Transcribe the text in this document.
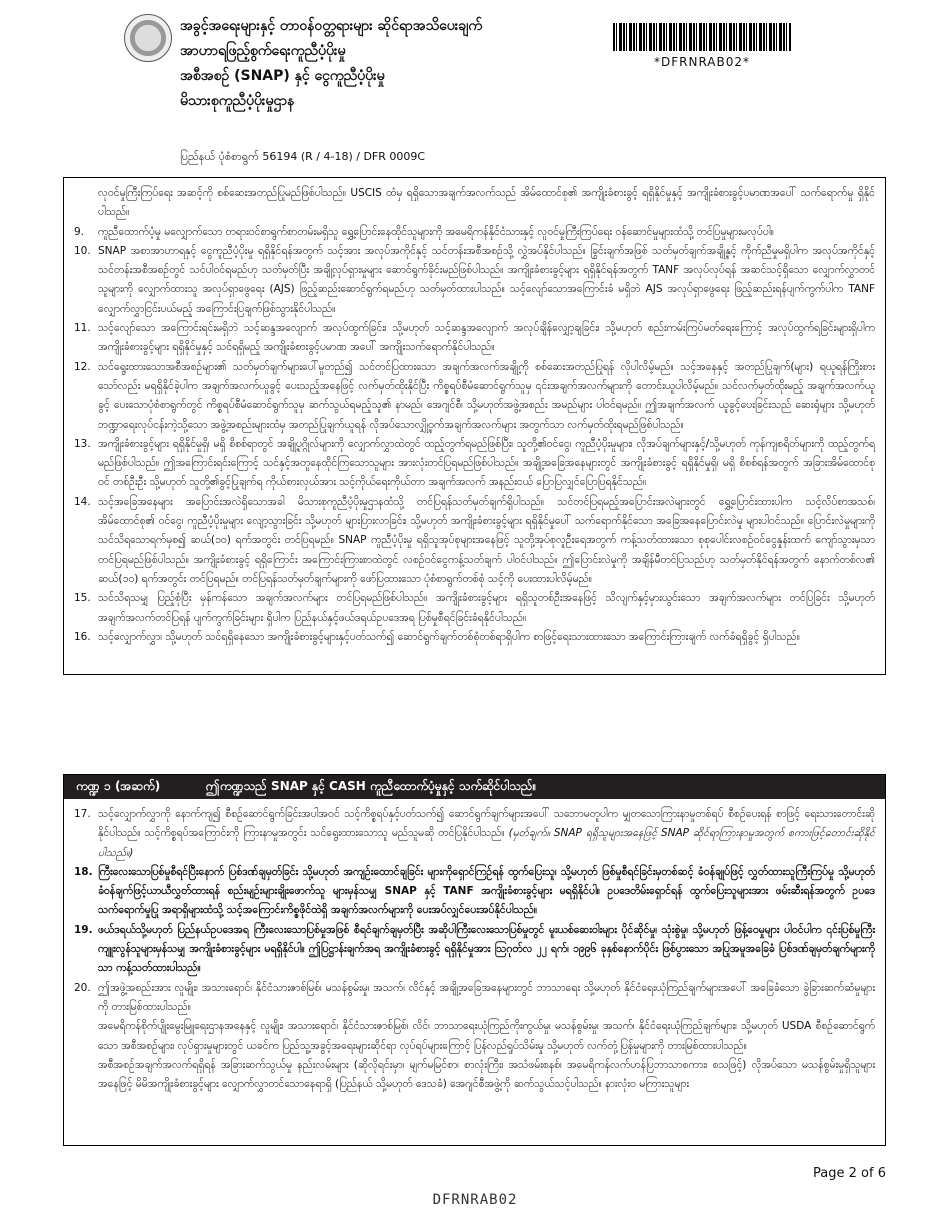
အခွင့်အရေးများနှင့် တာဝန်ဝတ္တရားများ ဆိုင်ရာအသိပေးချက်
အာဟာရဖြည့်စွက်ရေးကူညီပံ့ပိုးမှု
အစီအစဉ် (SNAP) နှင့် ငွေကူညီပံ့ပိုးမှု
မိသားစုကူညီပံ့ပိုးမှုဌာန
*DFRNRAB02*
ပြည်နယ် ပုံစံစာရွက် 56194 (R / 4-18) / DFR 0009C
လုဝင်မှုကြီးကြပ်ရေး အဆင့်ကို စစ်ဆေးအတည်ပြုမည်ဖြစ်ပါသည်။ USCIS ထံမှ ရရှိသောအချက်အလက်သည် အိမ်ထောင်စု၏ အကျိုးခံစားခွင့် ရရှိနိုင်မှုနှင့် အကျိုးခံစားခွင့်ပမာဏအပေါ် သက်ရောက်မှု ရှိနိုင်ပါသည်။
9.	ကူညီထောက်ပံ့မှု မလျှောက်သော တရားဝင်စာရွက်စာတမ်းမရှိသူ ရွှေ့ပြောင်းနေထိုင်သူများကို အမေရိကန်နိုင်ငံသားနှင့် လူဝင်မှုကြီးကြပ်ရေး ဝန်ဆောင်မှုများထံသို့ တင်ပြမှုများမလုပ်ပါ။
10. SNAP အစာအာဟာရနှင့် ငွေကူညီပံ့ပိုးမှု ရရှိနိုင်ရန်အတွက် သင့်အား အလုပ်အကိုင်နှင့် သင်တန်းအစီအစဉ်သို့ လွှဲအပ်နိုင်ပါသည်။ ခြွင်းချက်အဖြစ် သတ်မှတ်ချက်အချို့နှင့် ကိုက်ညီမှုမရှိပါက အလုပ်အကိုင်နှင့် သင်တန်းအစီအစဉ်တွင် သင်ပါဝင်ရမည်ဟု သတ်မှတ်ပြီး အချို့လုပ်ရှားမှုများ ဆောင်ရွက်ခိုင်းမည်ဖြစ်ပါသည်။ အကျိုးခံစားခွင့်များ ရရှိနိုင်ရန်အတွက် TANF အလုပ်လုပ်ရန် အဆင်သင့်ရှိသော လျှောက်လွှာတင်သူများကို လျှောက်ထားသူ အလုပ်ရှာဖွေရေး (AJS) ဖြည့်ဆည်းဆောင်ရွက်ရမည်ဟု သတ်မှတ်ထားပါသည်။ သင့်လျော်သောအကြောင်းခံ မရှိဘဲ AJS အလုပ်ရှာဖွေရေး ဖြည့်ဆည်းရန်ပျက်ကွက်ပါက TANF လျှောက်လွှာငြင်းပယ်မည့် အကြောင်းပြချက်ဖြစ်သွားနိုင်ပါသည်။
11. သင့်လျော်သော အကြောင်းရင်းမရှိဘဲ သင့်ဆန္ဒအလျောက် အလုပ်ထွက်ခြင်း၊ သို့မဟုတ် သင့်ဆန္ဒအလျောက် အလုပ်ချိန်လျှော့ချခြင်း၊ သို့မဟုတ် စည်းကမ်းကြပ်မတ်ရေးကြောင့် အလုပ်ထွက်ရခြင်းများရှိပါက အကျိုးခံစားခွင့်များ ရရှိနိုင်မှုနှင့် သင်ရရှိမည့် အကျိုးခံစားခွင့်ပမာဏ အပေါ် အကျိုးသက်ရောက်နိုင်ပါသည်။
12. သင်ရွေးထားသောအစီအစဉ်များ၏ သတ်မှတ်ချက်များပေါ်မူတည်၍ သင်တင်ပြထားသော အချက်အလက်အချို့ကို စစ်ဆေးအတည်ပြုရန် လိုပါလိမ့်မည်။ သင့်အနေနှင့် အတည်ပြုချက်(များ) ရယူရန်ကြိုးစားသော်လည်း မရရှိနိုင်ခဲ့ပါက အချက်အလက်ယူခွင့် ပေးသည့်အနေဖြင့် လက်မှတ်ထိုးနိုင်ပြီး ကိစ္စရပ်စီမံဆောင်ရွက်သူမှ ၎င်းအချက်အလက်များကို တောင်းယူပါလိမ့်မည်။ သင်လက်မှတ်ထိုးမည့် အချက်အလက်ယူခွင့် ပေးသောပုံစံစာရွက်တွင် ကိစ္စရပ်စီမံဆောင်ရွက်သူမှ ဆက်သွယ်ရမည့်သူ၏ နာမည်၊ အေဂျင်စီ၊ သို့မဟုတ်အဖွဲ့အစည်း အမည်များ ပါဝင်ရမည်။ ဤအချက်အလက် ယူခွင့်ပေးခြင်းသည် ဆေးရုံများ သို့မဟုတ် ဘဏ္ဍာရေးလုပ်ငန်းကဲ့သို့သော အဖွဲ့အစည်းများထံမှ အတည်ပြုချက်ယူရန် လိုအပ်သောလျှို့ဝှက်အချက်အလက်များ အတွက်သာ လက်မှတ်ထိုးရမည်ဖြစ်ပါသည်။
13. အကျိုးခံစားခွင့်များ ရရှိနိုင်မှုရှိ၊ မရှိ စိစစ်ရာတွင် အချို့ပုဂ္ဂိုလ်များကို လျှောက်လွှာထဲတွင် ထည့်တွက်ရမည်ဖြစ်ပြီး၊ သူတို့၏ဝင်ငွေ၊ ကူညီပံ့ပိုးမှုများ၊ လိုအပ်ချက်များနှင့်/သို့မဟုတ် ကုန်ကျစရိတ်များကို ထည့်တွက်ရမည်ဖြစ်ပါသည်။ ဤအကြောင်းရင်းကြောင့် သင်နှင့်အတူနေထိုင်ကြသောသူများ အားလုံးတင်ပြရမည်ဖြစ်ပါသည်။ အချို့အခြေအနေများတွင် အကျိုးခံစားခွင့် ရရှိနိုင်မှုရှိ၊ မရှိ စိစစ်ရန်အတွက် အခြားအိမ်ထောင်စုဝင် တစ်ဦးဦး သို့မဟုတ် သူတို့၏ခွင့်ပြုချက်ရ ကိုယ်စားလှယ်အား သင့်ကိုယ်ရေးကိုယ်တာ အချက်အလက် အနည်းငယ် ပြောပြလျှင်ပြောပြရနိုင်သည်။
14. သင့်အခြေအနေများ အပြောင်းအလဲရှိသောအခါ မိသားစုကူညီပံ့ပိုးမှုဌာနထံသို့ တင်ပြရန်သတ်မှတ်ချက်ရှိပါသည်။ သင်တင်ပြရမည့်အပြောင်းအလဲများတွင် ရွှေ့ပြောင်းထားပါက သင့်လိပ်စာအသစ်၊ အိမ်ထောင်စု၏ ဝင်ငွေ၊ ကူညီပံ့ပိုးမှုများ လျော့သွားခြင်း သို့မဟုတ် များပြားလာခြင်း၊ သို့မဟုတ် အကျိုးခံစားခွင့်များ ရရှိနိုင်မှုပေါ် သက်ရောက်နိုင်သော အခြေအနေပြောင်းလဲမှု များပါဝင်သည်။ ပြောင်းလဲမှုများကို သင်သိရသောရက်မှစ၍ ဆယ်(၁၀) ရက်အတွင်း တင်ပြရမည်။ SNAP ကူညီပံ့ပိုးမှု ရရှိသူအုပ်စုများအနေဖြင့် သူတို့အုပ်စုလူဦးရေအတွက် ကန့်သတ်ထားသော စုစုပေါင်းလစဉ်ဝင်ငွေနှုန်းထက် ကျော်သွားမှသာ တင်ပြရမည်ဖြစ်ပါသည်။ အကျိုးခံစားခွင့် ရရှိကြောင်း အကြောင်းကြားစာထဲတွင် လစဉ်ဝင်ငွေကန့်သတ်ချက် ပါဝင်ပါသည်။ ဤပြောင်းလဲမှုကို အချိန်မီတင်ပြသည်ဟု သတ်မှတ်နိုင်ရန်အတွက် နောက်တစ်လ၏ ဆယ်(၁၀) ရက်အတွင်း တင်ပြရမည်။ တင်ပြရန်သတ်မှတ်ချက်များကို ဖော်ပြထားသော ပုံစံစာရွက်တစ်စုံ သင့်ကို ပေးထားပါလိမ့်မည်။
15. သင်သိရသမျှ ပြည့်စုံပြီး မှန်ကန်သော အချက်အလက်များ တင်ပြရမည်ဖြစ်ပါသည်။ အကျိုးခံစားခွင့်များ ရရှိသူတစ်ဦးအနေဖြင့် သိလျက်နှင့်မှားယွင်းသော အချက်အလက်များ တင်ပြခြင်း သို့မဟုတ် အချက်အလက်တင်ပြရန် ပျက်ကွက်ခြင်းများ ရှိပါက ပြည်နယ်နှင့်ဖယ်ဒရယ်ဥပဒေအရ ပြစ်မှုစီရင်ခြင်းခံရနိုင်ပါသည်။
16. သင့်လျှောက်လွှာ၊ သို့မဟုတ် သင်ရရှိနေသော အကျိုးခံစားခွင့်များနှင့်ပတ်သက်၍ ဆောင်ရွက်ချက်တစ်စုံတစ်ရာရှိပါက စာဖြင့်ရေးသားထားသော အကြောင်းကြားချက် လက်ခံရရှိခွင့် ရှိပါသည်။
ကဏ္ဍ ၁ (အဆက်)	ဤကဏ္ဍသည် SNAP နှင့် CASH ကူညီထောက်ပံ့မှုနှင့် သက်ဆိုင်ပါသည်။
17. သင့်လျှောက်လွှာကို နောက်ကျ၍ စီစဉ်ဆောင်ရွက်ခြင်းအပါအဝင် သင့်ကိစ္စရပ်နှင့်ပတ်သက်၍ ဆောင်ရွက်ချက်များအပေါ် သဘောမတူပါက မျှတသောကြားနာမှုတစ်ရပ် စီစဉ်ပေးရန် စာဖြင့် ရေးသားတောင်းဆို နိုင်ပါသည်။ သင့်ကိစ္စရပ်အကြောင်းကို ကြားနာမှုအတွင်း သင်ရွေးထားသောသူ မည်သူမဆို တင်ပြနိုင်ပါသည်။ (မှတ်ချက်။ SNAP ရရှိသူများအနေဖြင့် SNAP ဆိုင်ရာကြားနာမှုအတွက် စကားဖြင့်တောင်းဆိုနိုင်ပါသည်။)
18. ကြီးလေးသောပြစ်မှုစီရင်ပြီးနောက် ပြစ်ဒဏ်ချမှတ်ခြင်း သို့မဟုတ် အကျဉ်းထောင်ချခြင်း များကိုရှောင်ကြဉ်ရန် ထွက်ပြေးသူ၊ သို့မဟုတ် ဖြစ်မှုစီရင်ခြင်းမှတစ်ဆင့် ခံဝန်ချုပ်ဖြင့် လွှတ်ထားသူကြီးကြပ်မှု သို့မဟုတ် ခံဝန်ချက်ဖြင့်ယာယီလွှတ်ထားရန် စည်းမျဉ်းများချိုးဖောက်သူ များမှန်သမျှ SNAP နှင့် TANF အကျိုးခံစားခွင့်များ မရရှိနိုင်ပါ။ ဥပဒေတိမ်းရှောင်ရန် ထွက်ပြေးသူများအား ဖမ်းဆီးရန်အတွက် ဥပဒေသက်ရောက်မှုပြု အရာရှိများထံသို့ သင့်အကြောင်းကိစ္စဖိုင်ထဲရှိ အချက်အလက်များကို ပေးအပ်လျှင်ပေးအပ်နိုင်ပါသည်။
19. ဖယ်ဒရယ်သို့မဟုတ် ပြည်နယ်ဥပဒေအရ ကြီးလေးသောပြစ်မှုအဖြစ် စီရင်ချက်ချမှတ်ပြီး အဆိုပါကြီးလေးသောပြစ်မှုတွင် မူးယစ်ဆေးဝါးများ ပိုင်ဆိုင်မှု၊ သုံးစွဲမှု၊ သို့မဟုတ် ဖြန့်ဝေမှုများ ပါဝင်ပါက ၎င်းပြစ်မှုကြီး ကျူးလွန်သူများမှန်သမျှ အကျိုးခံစားခွင့်များ မရရှိနိုင်ပါ။ ဤပြဋ္ဌာန်းချက်အရ အကျိုးခံစားခွင့် ရရှိနိုင်မှုအား ဩဂုတ်လ ၂၂ ရက်၊ ၁၉၉၆ ခုနှစ်နောက်ပိုင်း ဖြစ်ပွားသော အပြုအမူအခြေခံ ပြစ်ဒဏ်ချမှတ်ချက်များကိုသာ ကန့်သတ်ထားပါသည်။
20. ဤအဖွဲ့အစည်းအား လူမျိုး၊ အသားရောင်၊ နိုင်ငံသားဇာစ်မြစ်၊ မသန်စွမ်းမှု၊ အသက်၊ လိင်နှင့် အချို့အခြေအနေများတွင် ဘာသာရေး သို့မဟုတ် နိုင်ငံရေးယုံကြည်ချက်များအပေါ် အခြေခံသော ခွဲခြားဆက်ဆံမှုများကို တားမြစ်ထားပါသည်။
အမေရိကန်စိုက်ပျိုးမွေးမြူရေးဌာနအနေနှင့် လူမျိုး၊ အသားရောင်၊ နိုင်ငံသားဇာစ်မြစ်၊ လိင်၊ ဘာသာရေးယုံကြည်ကိုးကွယ်မှု၊ မသန်စွမ်းမှု၊ အသက်၊ နိုင်ငံရေးယုံကြည်ချက်များ၊ သို့မဟုတ် USDA စီစဉ်ဆောင်ရွက်သော အစီအစဉ်များ၊ လုပ်ရှားမှုများတွင် ယခင်က ပြည်သူ့အခွင့်အရေးများဆိုင်ရာ လုပ်ရပ်များကြောင့် ပြန်လည်ရှုပ်သိမ်းမှု သို့မဟုတ် လက်တုံ့ပြန်မှုများကို တားမြစ်ထားပါသည်။
အစီအစဉ်အချက်အလက်ရရှိရန် အခြားဆက်သွယ်မှု နည်းလမ်းများ (ဆိုလိုရင်းမှာ၊ မျက်မမြင်စာ၊ စာလုံးကြီး၊ အသံဖမ်းစနစ်၊ အမေရိကန်လက်ဟန်ပြဘာသာစကား၊ စသဖြင့်) လိုအပ်သော မသန်စွမ်းမှုရှိသူများ အနေဖြင့် မိမိအကျိုးခံစားခွင့်များ လျှောက်လွှာတင်သောနေရာရှိ (ပြည်နယ် သို့မဟုတ် ဒေသခံ) အေဂျင်စီအဖွဲ့ကို ဆက်သွယ်သင့်ပါသည်။ နားလုံးဝ မကြားသူများ
Page 2 of 6
DFRNRAB02
